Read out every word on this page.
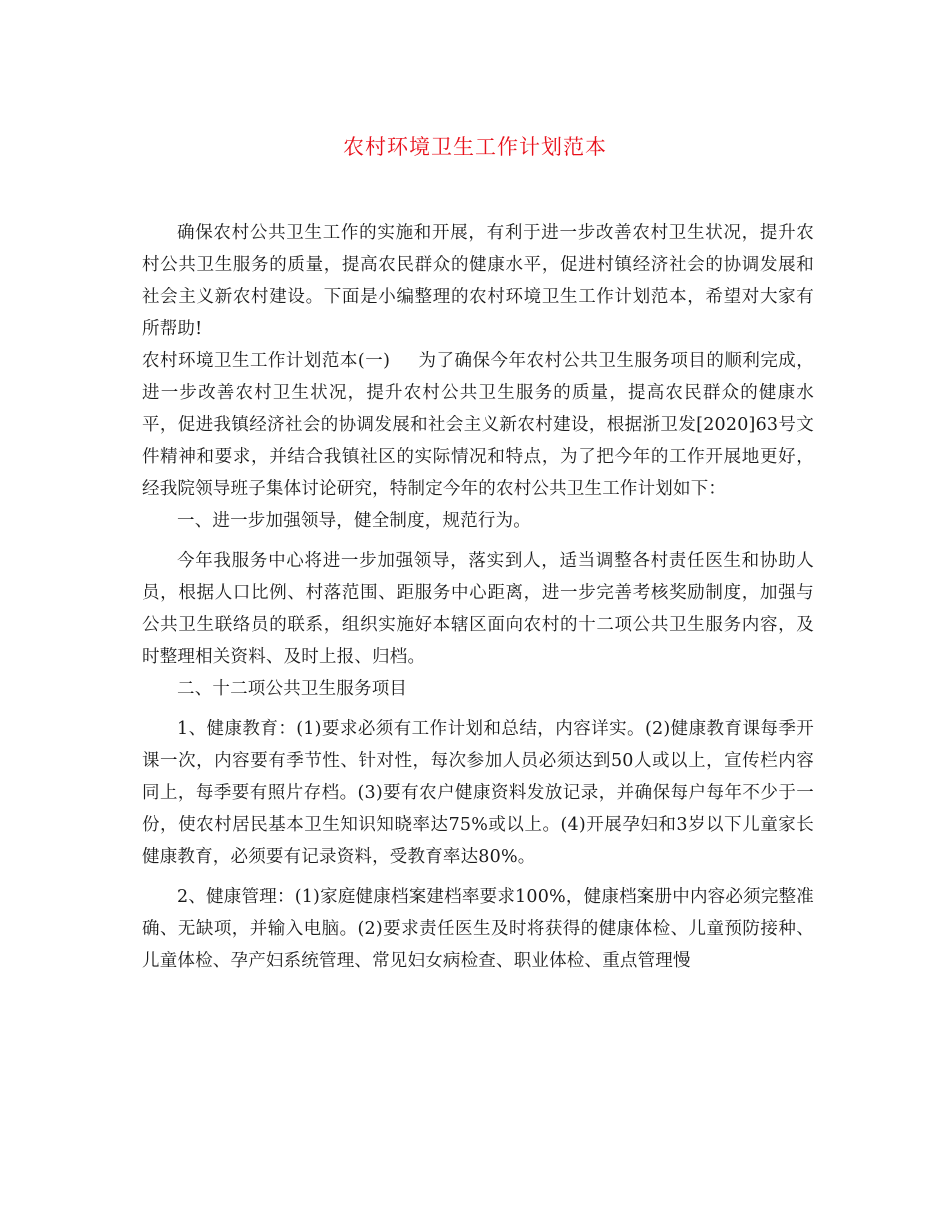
农村环境卫生工作计划范本

确保农村公共卫生工作的实施和开展，有利于进一步改善农村卫生状况，提升农村公共卫生服务的质量，提高农民群众的健康水平，促进村镇经济社会的协调发展和社会主义新农村建设。下面是小编整理的农村环境卫生工作计划范本，希望对大家有所帮助!

农村环境卫生工作计划范本(一) 为了确保今年农村公共卫生服务项目的顺利完成，进一步改善农村卫生状况，提升农村公共卫生服务的质量，提高农民群众的健康水平，促进我镇经济社会的协调发展和社会主义新农村建设，根据浙卫发[2020]63号文件精神和要求，并结合我镇社区的实际情况和特点，为了把今年的工作开展地更好，经我院领导班子集体讨论研究，特制定今年的农村公共卫生工作计划如下：

一、进一步加强领导，健全制度，规范行为。

今年我服务中心将进一步加强领导，落实到人，适当调整各村责任医生和协助人员，根据人口比例、村落范围、距服务中心距离，进一步完善考核奖励制度，加强与公共卫生联络员的联系，组织实施好本辖区面向农村的十二项公共卫生服务内容，及时整理相关资料、及时上报、归档。

二、十二项公共卫生服务项目

1、健康教育：(1)要求必须有工作计划和总结，内容详实。(2)健康教育课每季开课一次，内容要有季节性、针对性，每次参加人员必须达到50人或以上，宣传栏内容同上，每季要有照片存档。(3)要有农户健康资料发放记录，并确保每户每年不少于一份，使农村居民基本卫生知识知晓率达75%或以上。(4)开展孕妇和3岁以下儿童家长健康教育，必须要有记录资料，受教育率达80%。

2、健康管理：(1)家庭健康档案建档率要求100%，健康档案册中内容必须完整准确、无缺项，并输入电脑。(2)要求责任医生及时将获得的健康体检、儿童预防接种、儿童体检、孕产妇系统管理、常见妇女病检查、职业体检、重点管理慢
